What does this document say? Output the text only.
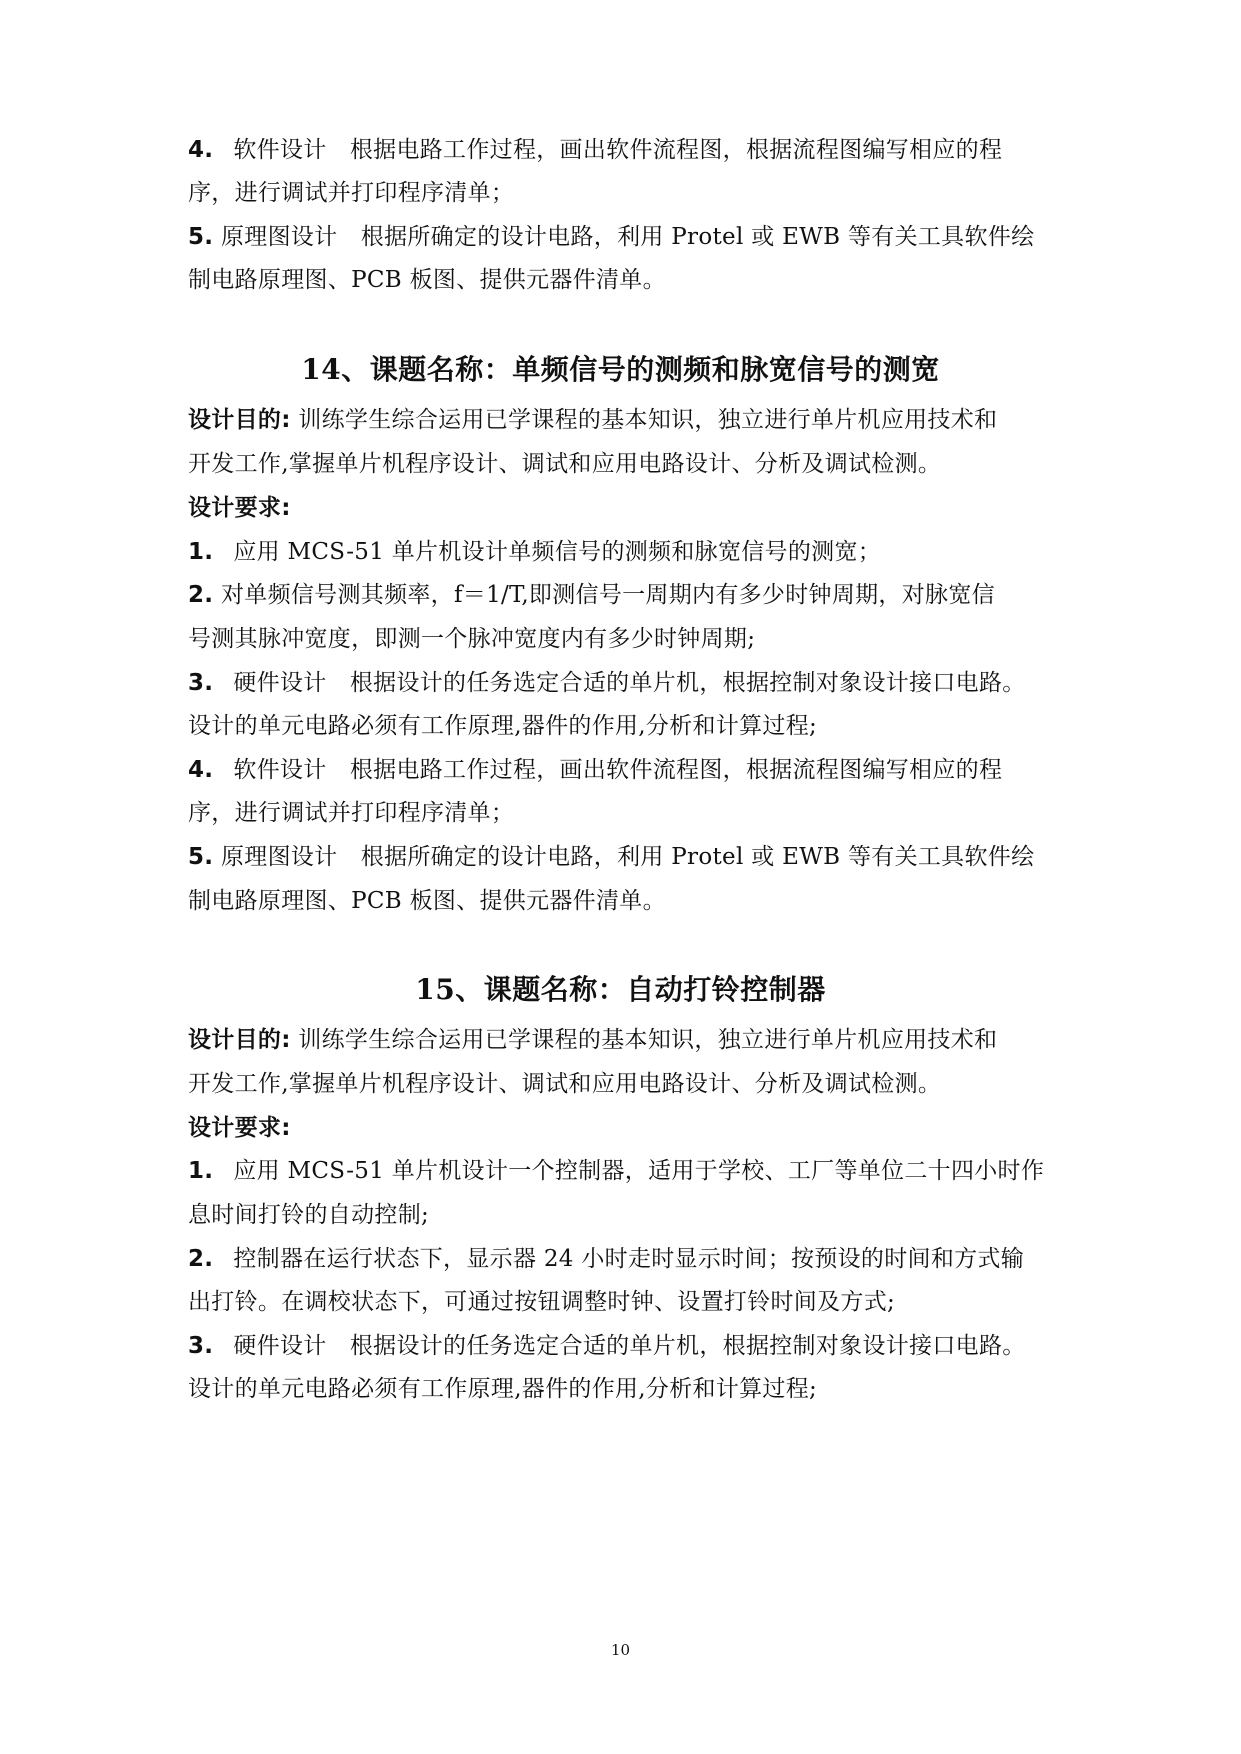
4. 软件设计　根据电路工作过程，画出软件流程图，根据流程图编写相应的程
序，进行调试并打印程序清单；
5. 原理图设计　根据所确定的设计电路，利用 Protel 或 EWB 等有关工具软件绘
制电路原理图、PCB 板图、提供元器件清单。
14、课题名称：单频信号的测频和脉宽信号的测宽
设计目的: 训练学生综合运用已学课程的基本知识，独立进行单片机应用技术和
开发工作,掌握单片机程序设计、调试和应用电路设计、分析及调试检测。
设计要求:
1. 应用 MCS-51 单片机设计单频信号的测频和脉宽信号的测宽；
2. 对单频信号测其频率，f＝1/T,即测信号一周期内有多少时钟周期，对脉宽信
号测其脉冲宽度，即测一个脉冲宽度内有多少时钟周期;
3. 硬件设计　根据设计的任务选定合适的单片机，根据控制对象设计接口电路。
设计的单元电路必须有工作原理,器件的作用,分析和计算过程;
4. 软件设计　根据电路工作过程，画出软件流程图，根据流程图编写相应的程
序，进行调试并打印程序清单；
5. 原理图设计　根据所确定的设计电路，利用 Protel 或 EWB 等有关工具软件绘
制电路原理图、PCB 板图、提供元器件清单。
15、课题名称：自动打铃控制器
设计目的: 训练学生综合运用已学课程的基本知识，独立进行单片机应用技术和
开发工作,掌握单片机程序设计、调试和应用电路设计、分析及调试检测。
设计要求:
1. 应用 MCS-51 单片机设计一个控制器，适用于学校、工厂等单位二十四小时作
息时间打铃的自动控制;
2. 控制器在运行状态下，显示器 24 小时走时显示时间；按预设的时间和方式输
出打铃。在调校状态下，可通过按钮调整时钟、设置打铃时间及方式;
3. 硬件设计　根据设计的任务选定合适的单片机，根据控制对象设计接口电路。
设计的单元电路必须有工作原理,器件的作用,分析和计算过程;
10
